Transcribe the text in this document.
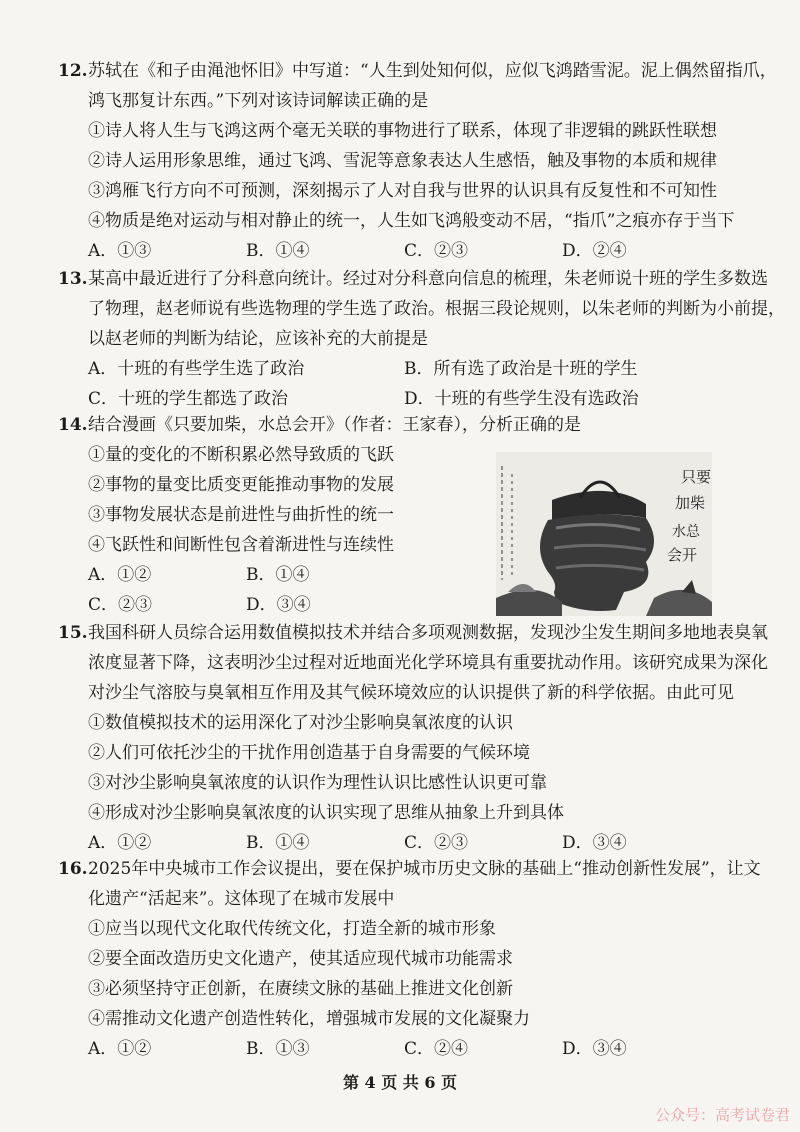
12. 苏轼在《和子由渑池怀旧》中写道：“人生到处知何似，应似飞鸿踏雪泥。泥上偶然留指爪，
鸿飞那复计东西。”下列对该诗词解读正确的是
①诗人将人生与飞鸿这两个毫无关联的事物进行了联系，体现了非逻辑的跳跃性联想
②诗人运用形象思维，通过飞鸿、雪泥等意象表达人生感悟，触及事物的本质和规律
③鸿雁飞行方向不可预测，深刻揭示了人对自我与世界的认识具有反复性和不可知性
④物质是绝对运动与相对静止的统一，人生如飞鸿般变动不居，“指爪”之痕亦存于当下
A．①③	B．①④	C．②③	D．②④
13. 某高中最近进行了分科意向统计。经过对分科意向信息的梳理，朱老师说十班的学生多数选
了物理，赵老师说有些选物理的学生选了政治。根据三段论规则，以朱老师的判断为小前提，
以赵老师的判断为结论，应该补充的大前提是
A．十班的有些学生选了政治	B．所有选了政治是十班的学生
C．十班的学生都选了政治	D．十班的有些学生没有选政治
14. 结合漫画《只要加柴，水总会开》（作者：王家春），分析正确的是
①量的变化的不断积累必然导致质的飞跃
②事物的量变比质变更能推动事物的发展
③事物发展状态是前进性与曲折性的统一
④飞跃性和间断性包含着渐进性与连续性
A．①②	B．①④
C．②③	D．③④
只要
加柴
水总
会开
15. 我国科研人员综合运用数值模拟技术并结合多项观测数据，发现沙尘发生期间多地地表臭氧
浓度显著下降，这表明沙尘过程对近地面光化学环境具有重要扰动作用。该研究成果为深化
对沙尘气溶胶与臭氧相互作用及其气候环境效应的认识提供了新的科学依据。由此可见
①数值模拟技术的运用深化了对沙尘影响臭氧浓度的认识
②人们可依托沙尘的干扰作用创造基于自身需要的气候环境
③对沙尘影响臭氧浓度的认识作为理性认识比感性认识更可靠
④形成对沙尘影响臭氧浓度的认识实现了思维从抽象上升到具体
A．①②	B．①④	C．②③	D．③④
16. 2025年中央城市工作会议提出，要在保护城市历史文脉的基础上“推动创新性发展”，让文
化遗产“活起来”。这体现了在城市发展中
①应当以现代文化取代传统文化，打造全新的城市形象
②要全面改造历史文化遗产，使其适应现代城市功能需求
③必须坚持守正创新，在赓续文脉的基础上推进文化创新
④需推动文化遗产创造性转化，增强城市发展的文化凝聚力
A．①②	B．①③	C．②④	D．③④
第 4 页 共 6 页
公众号：高考试卷君
